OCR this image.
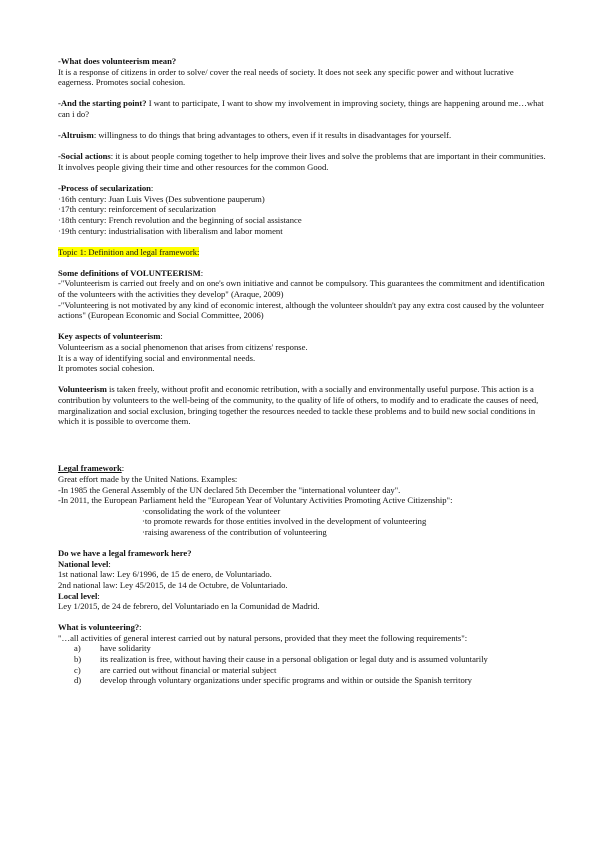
-What does volunteerism mean?

It is a response of citizens in order to solve/ cover the real needs of society. It does not seek any specific power and without lucrative eagerness. Promotes social cohesion.

-And the starting point? I want to participate, I want to show my involvement in improving society, things are happening around me…what can i do?

-Altruism: willingness to do things that bring advantages to others, even if it results in disadvantages for yourself.

-Social actions: it is about people coming together to help improve their lives and solve the problems that are important in their communities. It involves people giving their time and other resources for the common Good.

-Process of secularization:

·16th century: Juan Luis Vives (Des subventione pauperum)

·17th century: reinforcement of secularization

·18th century: French revolution and the beginning of social assistance

·19th century: industrialisation with liberalism and labor moment

Topic 1: Definition and legal framework:

Some definitions of VOLUNTEERISM:

-"Volunteerism is carried out freely and on one's own initiative and cannot be compulsory. This guarantees the commitment and identification of the volunteers with the activities they develop" (Araque, 2009)

-"Volunteering is not motivated by any kind of economic interest, although the volunteer shouldn't pay any extra cost caused by the volunteer actions" (European Economic and Social Committee, 2006)

Key aspects of volunteerism:

Volunteerism as a social phenomenon that arises from citizens' response.

It is a way of identifying social and environmental needs.

It promotes social cohesion.

Volunteerism is taken freely, without profit and economic retribution, with a socially and environmentally useful purpose. This action is a contribution by volunteers to the well-being of the community, to the quality of life of others, to modify and to eradicate the causes of need, marginalization and social exclusion, bringing together the resources needed to tackle these problems and to build new social conditions in which it is possible to overcome them.

Legal framework:

Great effort made by the United Nations. Examples:

-In 1985 the General Assembly of the UN declared 5th December the "international volunteer day".

-In 2011, the European Parliament held the "European Year of Voluntary Activities Promoting Active Citizenship":

·consolidating the work of the volunteer

·to promote rewards for those entities involved in the development of volunteering

·raising awareness of the contribution of volunteering

Do we have a legal framework here?

National level:

1st national law: Ley 6/1996, de 15 de enero, de Voluntariado.

2nd national law: Ley 45/2015, de 14 de Octubre, de Voluntariado.

Local level:

Ley 1/2015, de 24 de febrero, del Voluntariado en la Comunidad de Madrid.

What is volunteering?:

"…all activities of general interest carried out by natural persons, provided that they meet the following requirements":

a)	have solidarity
b)	its realization is free, without having their cause in a personal obligation or legal duty and is assumed voluntarily
c)	are carried out without financial or material subject
d)	develop through voluntary organizations under specific programs and within or outside the Spanish territory
